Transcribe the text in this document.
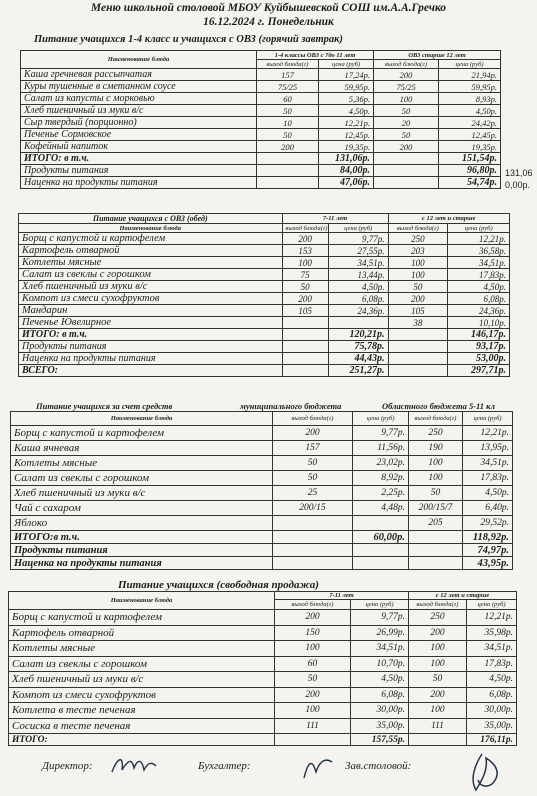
Меню школьной столовой МБОУ Куйбышевской СОШ им.А.А.Гречко
16.12.2024 г. Понедельник
Питание учащихся 1-4 класс и учащихся с ОВЗ (горячий завтрак)
Наименование блюда	1-4 классы ОВЗ с 7до 11 лет		ОВЗ старше 12 лет	
	выход блюда(г)	цена (руб)	выход блюда(г)	цена (руб)
Каша гречневая рассыпчатая	157	17,24р.	200	21,94р.
Куры тушенные в сметанном соусе	75/25	59,95р.	75/25	59,95р.
Салат из капусты с морковью	60	5,36р.	100	8,93р.
Хлеб пшеничный из муки в/с	50	4,50р.	50	4,50р.
Сыр твердый (порционно)	10	12,21р.	20	24,42р.
Печенье Сормовское	50	12,45р.	50	12,45р.
Кофейный напиток	200	19,35р.	200	19,35р.
ИТОГО: в т.ч.		131,06р.		151,54р.
Продукты питания		84,00р.		96,80р.
Наценка на продукты питания		47,06р.		54,74р.
131,06
0,00р.
Питание учащихся с ОВЗ (обед)	7-11 лет		с 12 лет и старше	
Наименование блюда	выход блюда(г)	цена (руб)	выход блюда(г)	цена (руб)
Борщ с капустой и картофелем	200	9,77р.	250	12,21р.
Картофель отварной	153	27,55р.	203	36,58р.
Котлеты мясные	100	34,51р.	100	34,51р.
Салат из свеклы с горошком	75	13,44р.	100	17,83р.
Хлеб пшеничный из муки в/с	50	4,50р.	50	4,50р.
Компот из смеси сухофруктов	200	6,08р.	200	6,08р.
Мандарин	105	24,36р.	105	24,36р.
Печенье Ювелирное			38	10,10р.
ИТОГО: в т.ч.		120,21р.		146,17р.
Продукты питания		75,78р.		93,17р.
Наценка на продукты питания		44,43р.		53,00р.
ВСЕГО:		251,27р.		297,71р.
Питание учащихся за счет средств	муниципального бюджета	Областного бюджета 5-11 кл
Наименование блюда	выход блюда(г)	цена (руб)	выход блюда(г)	цена (руб)
Борщ с капустой и картофелем	200	9,77р.	250	12,21р.
Каша ячневая	157	11,56р.	190	13,95р.
Котлеты мясные	50	23,02р.	100	34,51р.
Салат из свеклы с горошком	50	8,92р.	100	17,83р.
Хлеб пшеничный из муки в/с	25	2,25р.	50	4,50р.
Чай с сахаром	200/15	4,48р.	200/15/7	6,40р.
Яблоко			205	29,52р.
ИТОГО:в т.ч.		60,00р.		118,92р.
Продукты питания				74,97р.
Наценка на продукты питания				43,95р.
Питание учащихся (свободная продажа)
Наименование блюда	7-11 лет		с 12 лет и старше	
	выход блюда(г)	цена (руб)	выход блюда(г)	цена (руб)
Борщ с капустой и картофелем	200	9,77р.	250	12,21р.
Картофель отварной	150	26,99р.	200	35,98р.
Котлеты мясные	100	34,51р.	100	34,51р.
Салат из свеклы с горошком	60	10,70р.	100	17,83р.
Хлеб пшеничный из муки в/с	50	4,50р.	50	4,50р.
Компот из смеси сухофруктов	200	6,08р.	200	6,08р.
Котлета в тесте печеная	100	30,00р.	100	30,00р.
Сосиска в тесте печеная	111	35,00р.	111	35,00р.
ИТОГО:		157,55р.		176,11р.
Директор:	Бухгалтер:	Зав.столовой:
